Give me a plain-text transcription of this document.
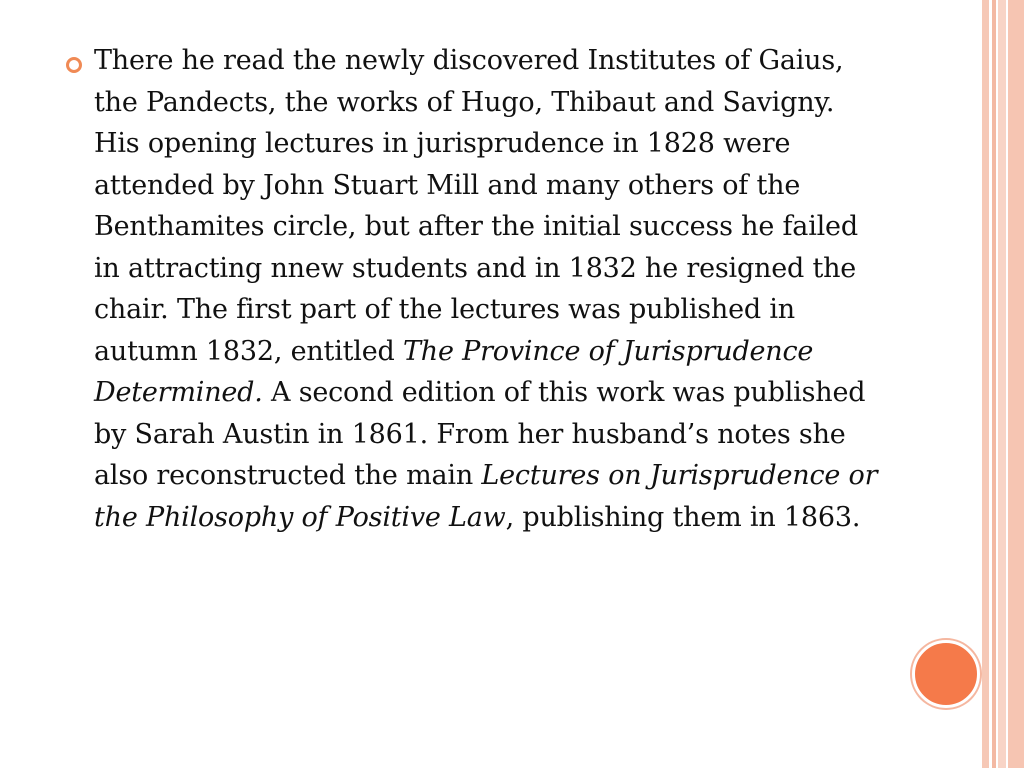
There he read the newly discovered Institutes of Gaius, the Pandects, the works of Hugo, Thibaut and Savigny. His opening lectures in jurisprudence in 1828 were attended by John Stuart Mill and many others of the Benthamites circle, but after the initial success he failed in attracting nnew students and in 1832 he resigned the chair. The first part of the lectures was published in autumn 1832, entitled The Province of Jurisprudence Determined. A second edition of this work was published by Sarah Austin in 1861. From her husband’s notes she also reconstructed the main Lectures on Jurisprudence or the Philosophy of Positive Law, publishing them in 1863.
